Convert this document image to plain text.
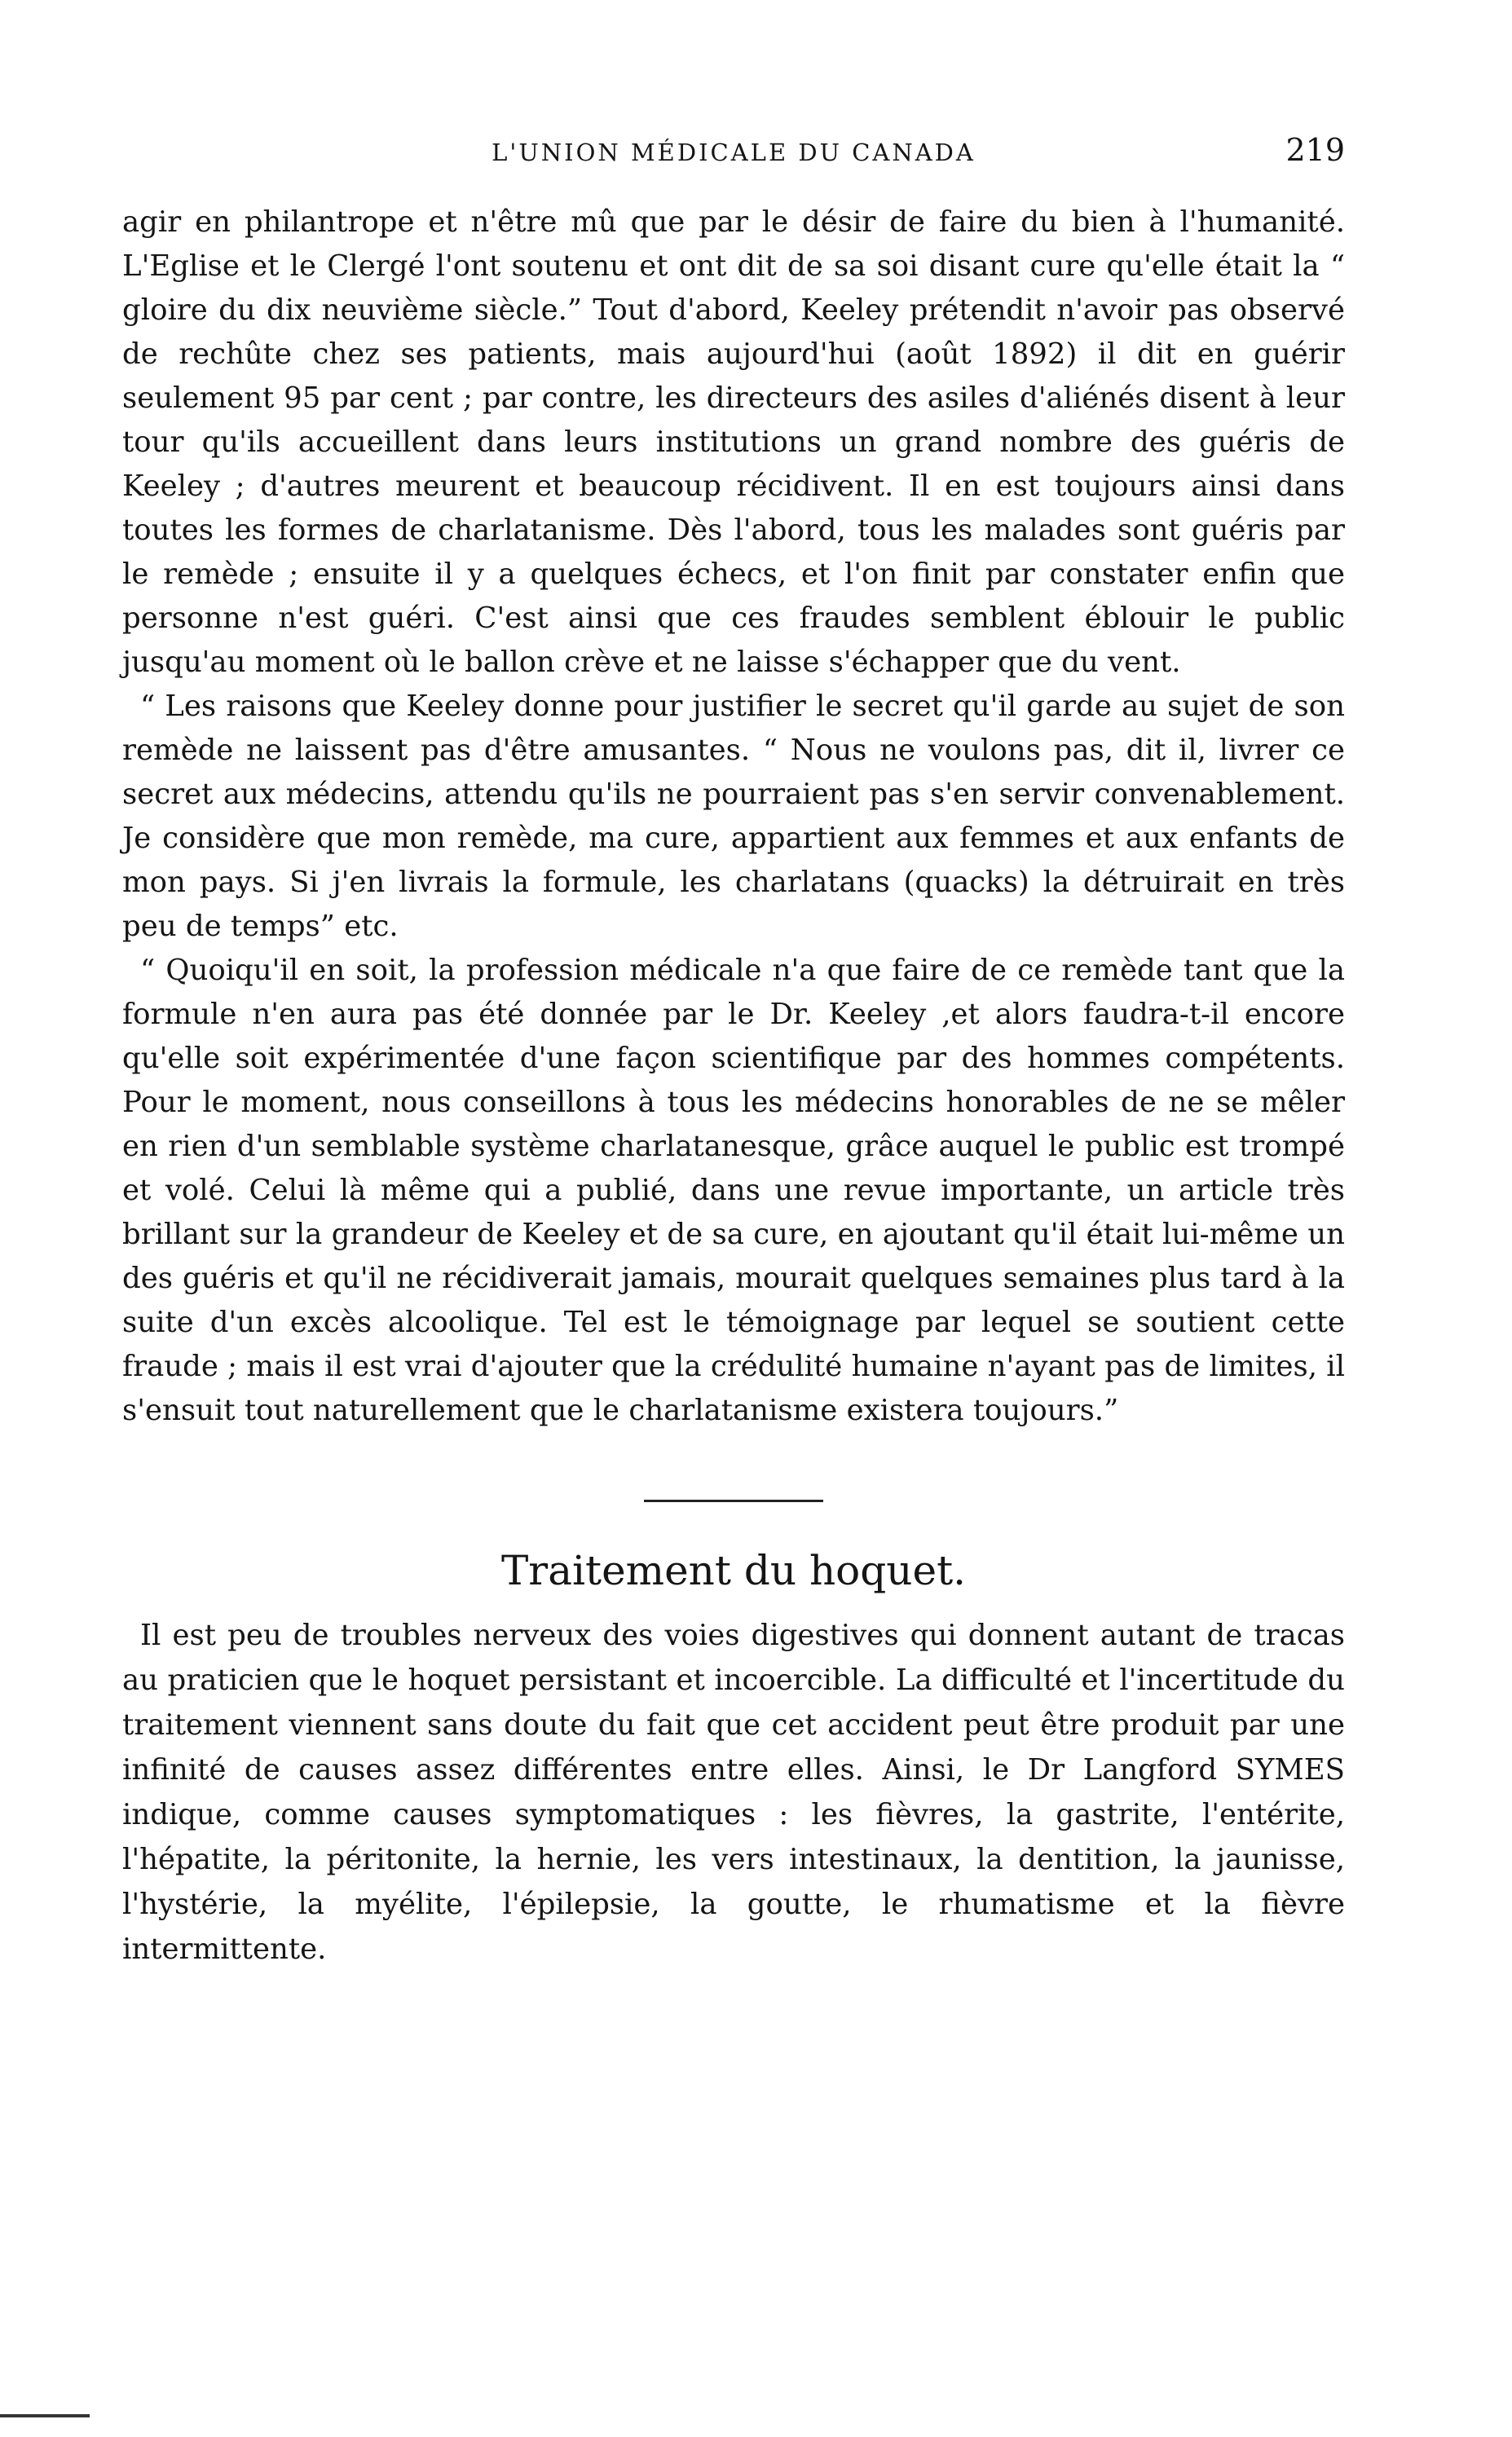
L'UNION MÉDICALE DU CANADA	219

agir en philantrope et n'être mû que par le désir de faire du bien à l'humanité. L'Eglise et le Clergé l'ont soutenu et ont dit de sa soi disant cure qu'elle était la “ gloire du dix neuvième siècle.” Tout d'abord, Keeley prétendit n'avoir pas observé de rechûte chez ses patients, mais aujourd'hui (août 1892) il dit en guérir seulement 95 par cent ; par contre, les directeurs des asiles d'aliénés disent à leur tour qu'ils accueillent dans leurs institutions un grand nombre des guéris de Keeley ; d'autres meurent et beaucoup récidivent. Il en est toujours ainsi dans toutes les formes de charlatanisme. Dès l'abord, tous les malades sont guéris par le remède ; ensuite il y a quelques échecs, et l'on finit par constater enfin que personne n'est guéri. C'est ainsi que ces fraudes semblent éblouir le public jusqu'au moment où le ballon crève et ne laisse s'échapper que du vent.

“ Les raisons que Keeley donne pour justifier le secret qu'il garde au sujet de son remède ne laissent pas d'être amusantes. “ Nous ne voulons pas, dit il, livrer ce secret aux médecins, attendu qu'ils ne pourraient pas s'en servir convenablement. Je considère que mon remède, ma cure, appartient aux femmes et aux enfants de mon pays. Si j'en livrais la formule, les charlatans (quacks) la détruirait en très peu de temps” etc.

“ Quoiqu'il en soit, la profession médicale n'a que faire de ce remède tant que la formule n'en aura pas été donnée par le Dr. Keeley ,et alors faudra-t-il encore qu'elle soit expérimentée d'une façon scientifique par des hommes compétents. Pour le moment, nous conseillons à tous les médecins honorables de ne se mêler en rien d'un semblable système charlatanesque, grâce auquel le public est trompé et volé. Celui là même qui a publié, dans une revue importante, un article très brillant sur la grandeur de Keeley et de sa cure, en ajoutant qu'il était lui-même un des guéris et qu'il ne récidiverait jamais, mourait quelques semaines plus tard à la suite d'un excès alcoolique. Tel est le témoignage par lequel se soutient cette fraude ; mais il est vrai d'ajouter que la crédulité humaine n'ayant pas de limites, il s'ensuit tout naturellement que le charlatanisme existera toujours.”

Traitement du hoquet.

Il est peu de troubles nerveux des voies digestives qui donnent autant de tracas au praticien que le hoquet persistant et incoercible. La difficulté et l'incertitude du traitement viennent sans doute du fait que cet accident peut être produit par une infinité de causes assez différentes entre elles. Ainsi, le Dr Langford SYMES indique, comme causes symptomatiques : les fièvres, la gastrite, l'entérite, l'hépatite, la péritonite, la hernie, les vers intestinaux, la dentition, la jaunisse, l'hystérie, la myélite, l'épilepsie, la goutte, le rhumatisme et la fièvre intermittente.
